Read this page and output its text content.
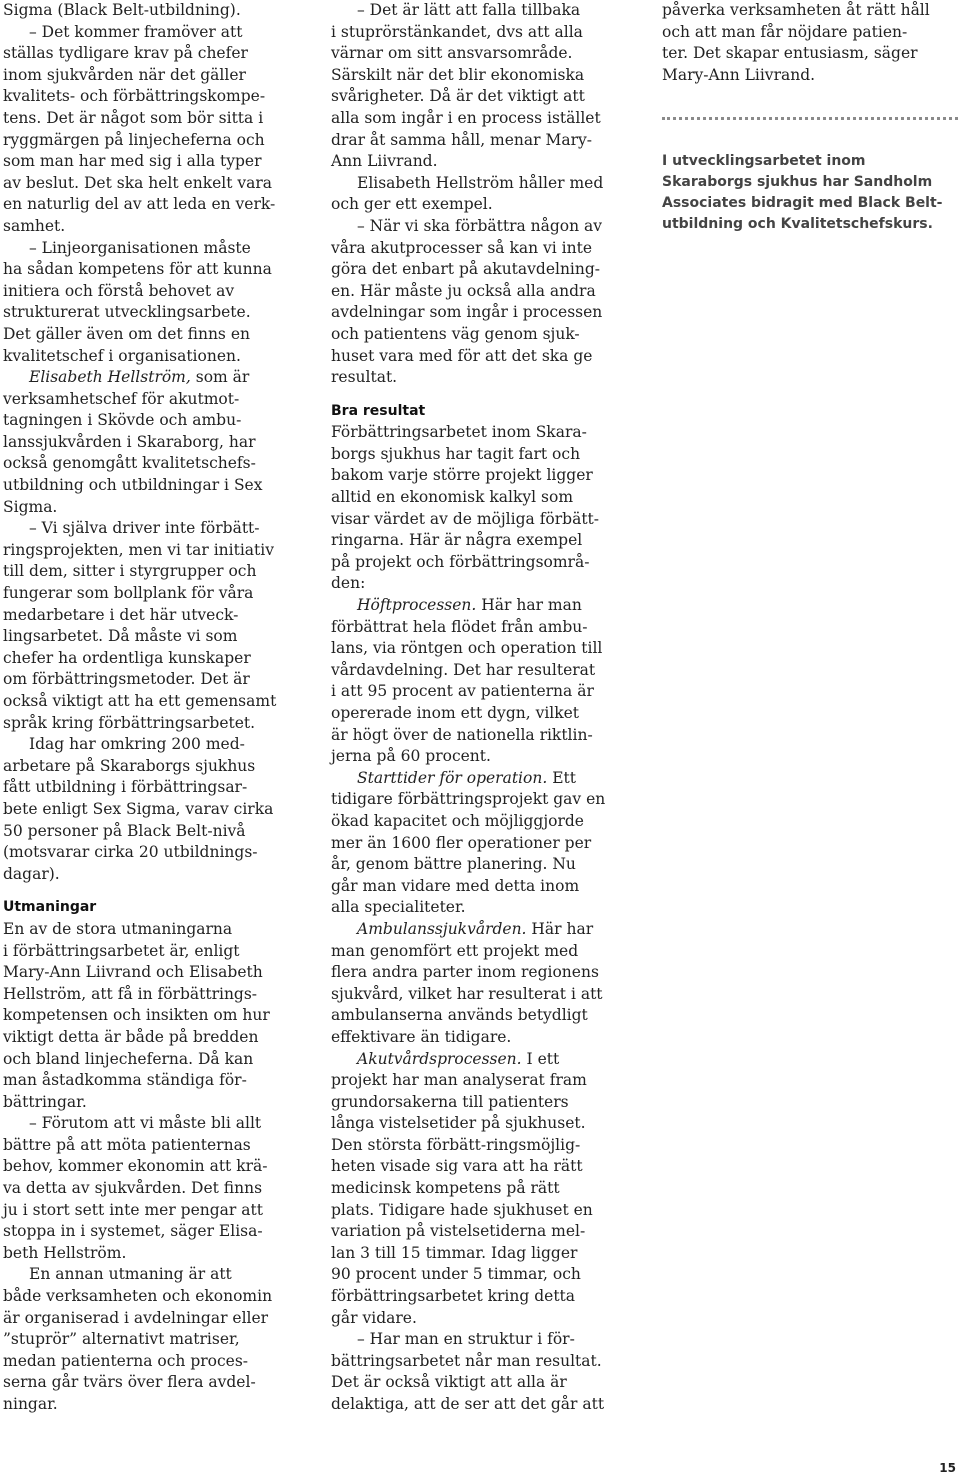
Sigma (Black Belt-utbildning).

– Det kommer framöver att
ställas tydligare krav på chefer
inom sjukvården när det gäller
kvalitets- och förbättringskompe-
tens. Det är något som bör sitta i
ryggmärgen på linjecheferna och
som man har med sig i alla typer
av beslut. Det ska helt enkelt vara
en naturlig del av att leda en verk-
samhet.

– Linjeorganisationen måste
ha sådan kompetens för att kunna
initiera och förstå behovet av
strukturerat utvecklingsarbete.
Det gäller även om det finns en
kvalitetschef i organisationen.

Elisabeth Hellström, som är
verksamhetschef för akutmot-
tagningen i Skövde och ambu-
lanssjukvården i Skaraborg, har
också genomgått kvalitetschefs-
utbildning och utbildningar i Sex
Sigma.

– Vi själva driver inte förbätt-
ringsprojekten, men vi tar initiativ
till dem, sitter i styrgrupper och
fungerar som bollplank för våra
medarbetare i det här utveck-
lingsarbetet. Då måste vi som
chefer ha ordentliga kunskaper
om förbättringsmetoder. Det är
också viktigt att ha ett gemensamt
språk kring förbättringsarbetet.

Idag har omkring 200 med-
arbetare på Skaraborgs sjukhus
fått utbildning i förbättringsar-
bete enligt Sex Sigma, varav cirka
50 personer på Black Belt-nivå
(motsvarar cirka 20 utbildnings-
dagar).

Utmaningar

En av de stora utmaningarna
i förbättringsarbetet är, enligt
Mary-Ann Liivrand och Elisabeth
Hellström, att få in förbättrings-
kompetensen och insikten om hur
viktigt detta är både på bredden
och bland linjecheferna. Då kan
man åstadkomma ständiga för-
bättringar.

– Förutom att vi måste bli allt
bättre på att möta patienternas
behov, kommer ekonomin att krä-
va detta av sjukvården. Det finns
ju i stort sett inte mer pengar att
stoppa in i systemet, säger Elisa-
beth Hellström.

En annan utmaning är att
både verksamheten och ekonomin
är organiserad i avdelningar eller
”stuprör” alternativt matriser,
medan patienterna och proces-
serna går tvärs över flera avdel-
ningar.

– Det är lätt att falla tillbaka
i stuprörstänkandet, dvs att alla
värnar om sitt ansvarsområde.
Särskilt när det blir ekonomiska
svårigheter. Då är det viktigt att
alla som ingår i en process istället
drar åt samma håll, menar Mary-
Ann Liivrand.

Elisabeth Hellström håller med
och ger ett exempel.

– När vi ska förbättra någon av
våra akutprocesser så kan vi inte
göra det enbart på akutavdelning-
en. Här måste ju också alla andra
avdelningar som ingår i processen
och patientens väg genom sjuk-
huset vara med för att det ska ge
resultat.

Bra resultat

Förbättringsarbetet inom Skara-
borgs sjukhus har tagit fart och
bakom varje större projekt ligger
alltid en ekonomisk kalkyl som
visar värdet av de möjliga förbätt-
ringarna. Här är några exempel
på projekt och förbättringsområ-
den:

Höftprocessen. Här har man
förbättrat hela flödet från ambu-
lans, via röntgen och operation till
vårdavdelning. Det har resulterat
i att 95 procent av patienterna är
opererade inom ett dygn, vilket
är högt över de nationella riktlin-
jerna på 60 procent.

Starttider för operation. Ett
tidigare förbättringsprojekt gav en
ökad kapacitet och möjliggjorde
mer än 1600 fler operationer per
år, genom bättre planering. Nu
går man vidare med detta inom
alla specialiteter.

Ambulanssjukvården. Här har
man genomfört ett projekt med
flera andra parter inom regionens
sjukvård, vilket har resulterat i att
ambulanserna används betydligt
effektivare än tidigare.

Akutvårdsprocessen. I ett
projekt har man analyserat fram
grundorsakerna till patienters
långa vistelsetider på sjukhuset.
Den största förbätt-ringsmöjlig-
heten visade sig vara att ha rätt
medicinsk kompetens på rätt
plats. Tidigare hade sjukhuset en
variation på vistelsetiderna mel-
lan 3 till 15 timmar. Idag ligger
90 procent under 5 timmar, och
förbättringsarbetet kring detta
går vidare.

– Har man en struktur i för-
bättringsarbetet når man resultat.
Det är också viktigt att alla är
delaktiga, att de ser att det går att

påverka verksamheten åt rätt håll
och att man får nöjdare patien-
ter. Det skapar entusiasm, säger
Mary-Ann Liivrand.

I utvecklingsarbetet inom
Skaraborgs sjukhus har Sandholm
Associates bidragit med Black Belt-
utbildning och Kvalitetschefskurs.

15
